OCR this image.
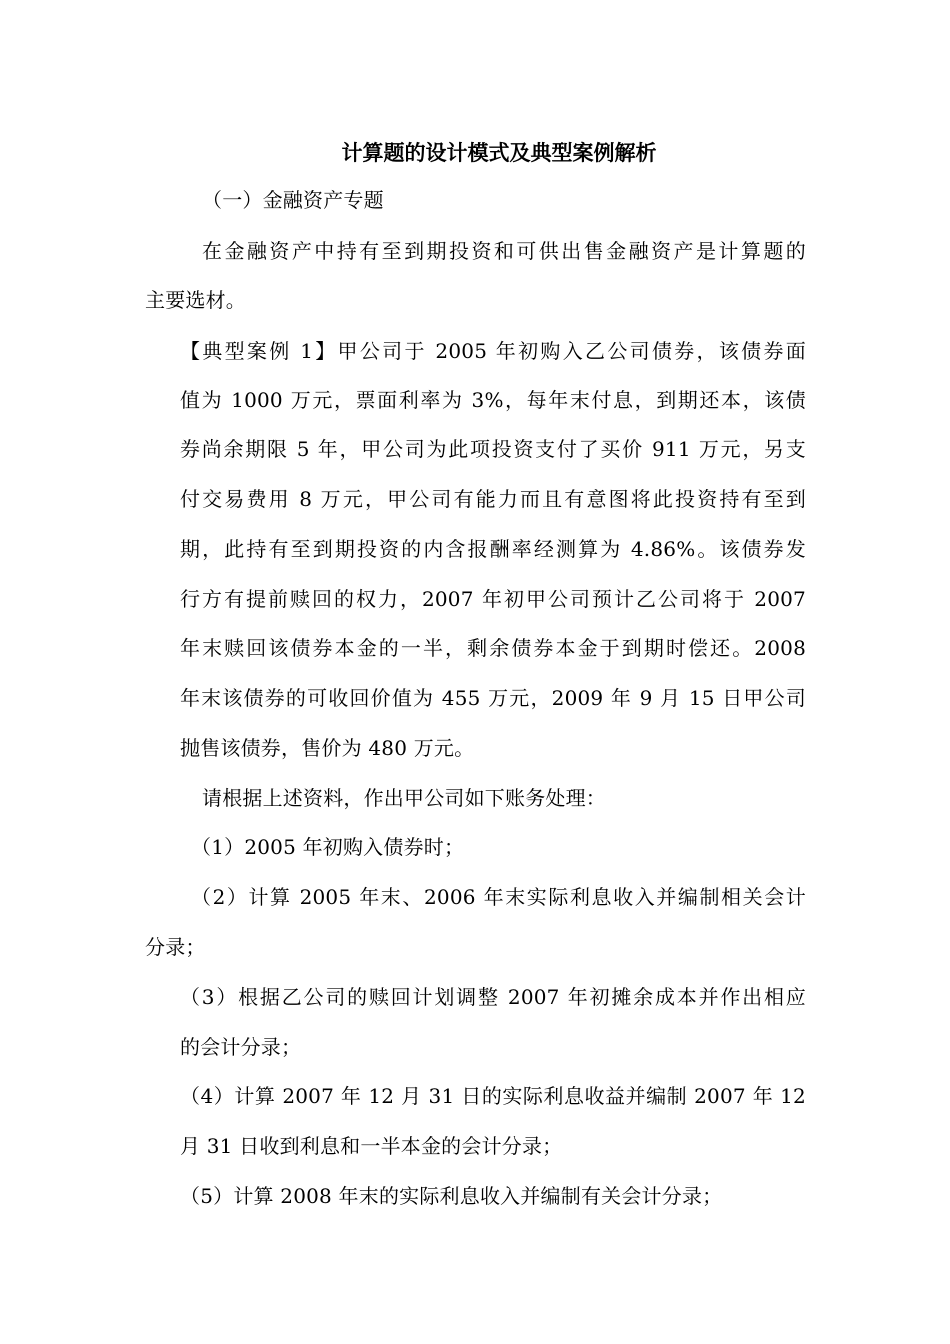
计算题的设计模式及典型案例解析
（一）金融资产专题
在金融资产中持有至到期投资和可供出售金融资产是计算题的
主要选材。
【典型案例 1】甲公司于 2005 年初购入乙公司债券，该债券面
值为 1000 万元，票面利率为 3%，每年末付息，到期还本，该债
券尚余期限 5 年，甲公司为此项投资支付了买价 911 万元，另支
付交易费用 8 万元，甲公司有能力而且有意图将此投资持有至到
期，此持有至到期投资的内含报酬率经测算为 4.86%。该债券发
行方有提前赎回的权力，2007 年初甲公司预计乙公司将于 2007
年末赎回该债券本金的一半，剩余债券本金于到期时偿还。2008
年末该债券的可收回价值为 455 万元，2009 年 9 月 15 日甲公司
抛售该债券，售价为 480 万元。
请根据上述资料，作出甲公司如下账务处理：
（1）2005 年初购入债券时；
（2）计算 2005 年末、2006 年末实际利息收入并编制相关会计
分录；
（3）根据乙公司的赎回计划调整 2007 年初摊余成本并作出相应
的会计分录；
（4）计算 2007 年 12 月 31 日的实际利息收益并编制 2007 年 12
月 31 日收到利息和一半本金的会计分录；
（5）计算 2008 年末的实际利息收入并编制有关会计分录；
